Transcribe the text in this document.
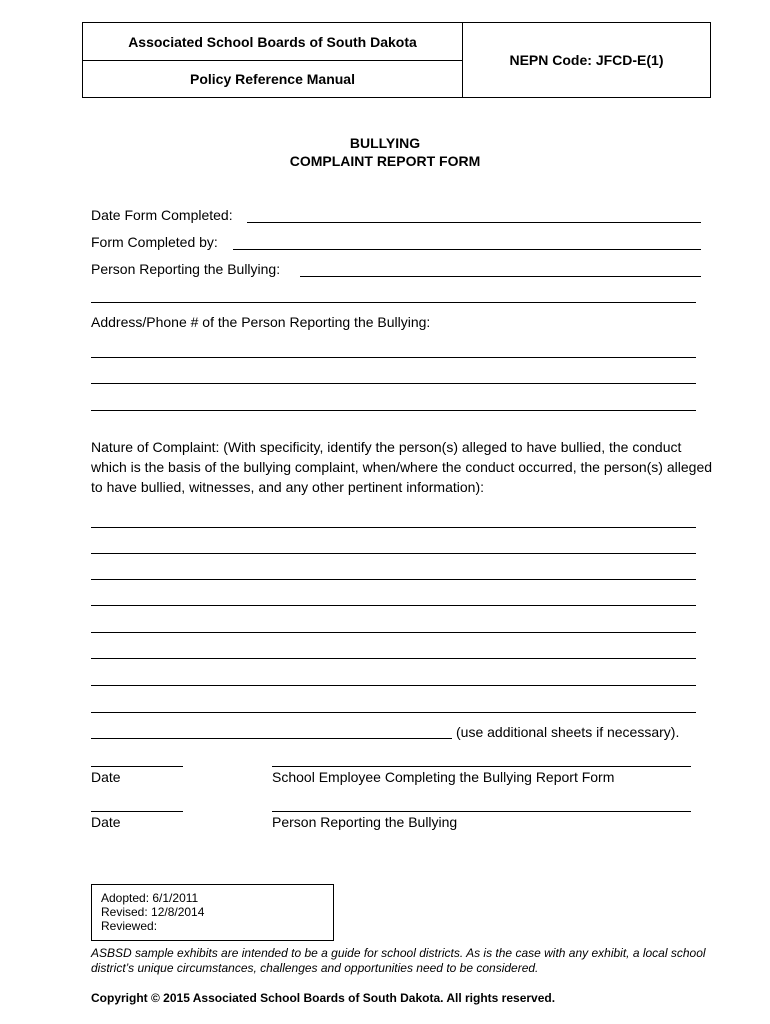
Associated School Boards of South Dakota
Policy Reference Manual
NEPN Code: JFCD-E(1)
BULLYING
COMPLAINT REPORT FORM
Date Form Completed:
Form Completed by:
Person Reporting the Bullying:
Address/Phone # of the Person Reporting the Bullying:
Nature of Complaint: (With specificity, identify the person(s) alleged to have bullied, the conduct which is the basis of the bullying complaint, when/where the conduct occurred, the person(s) alleged to have bullied, witnesses, and any other pertinent information):
(use additional sheets if necessary).
Date	School Employee Completing the Bullying Report Form
Date	Person Reporting the Bullying
Adopted: 6/1/2011
Revised: 12/8/2014
Reviewed:
ASBSD sample exhibits are intended to be a guide for school districts. As is the case with any exhibit, a local school district’s unique circumstances, challenges and opportunities need to be considered.
Copyright © 2015 Associated School Boards of South Dakota. All rights reserved.
